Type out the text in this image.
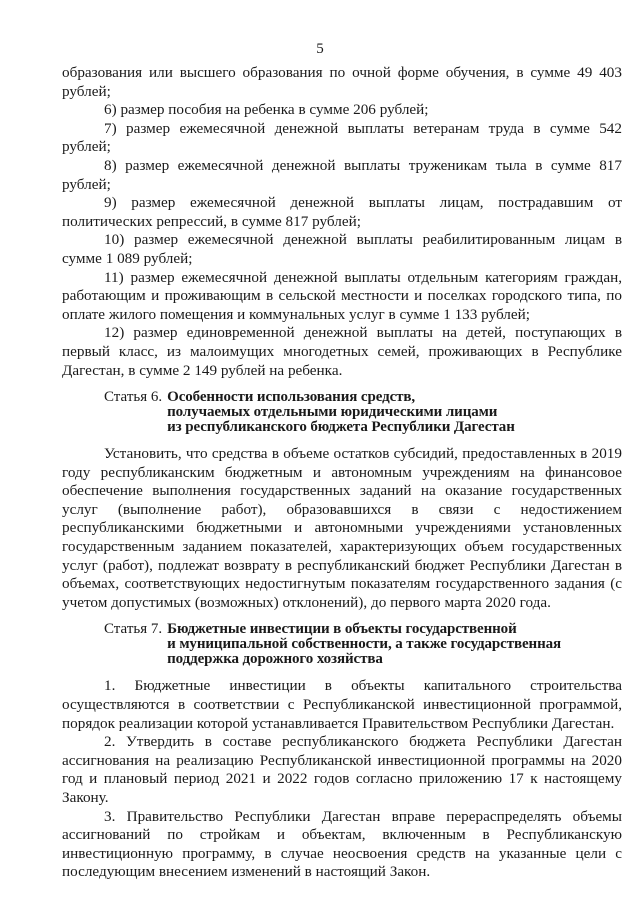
5

образования или высшего образования по очной форме обучения, в сумме 49 403 рублей;

6) размер пособия на ребенка в сумме 206 рублей;

7) размер ежемесячной денежной выплаты ветеранам труда в сумме 542 рублей;

8) размер ежемесячной денежной выплаты труженикам тыла в сумме 817 рублей;

9) размер ежемесячной денежной выплаты лицам, пострадавшим от политических репрессий, в сумме 817 рублей;

10) размер ежемесячной денежной выплаты реабилитированным лицам в сумме 1 089 рублей;

11) размер ежемесячной денежной выплаты отдельным категориям граждан, работающим и проживающим в сельской местности и поселках городского типа, по оплате жилого помещения и коммунальных услуг в сумме 1 133 рублей;

12) размер единовременной денежной выплаты на детей, поступающих в первый класс, из малоимущих многодетных семей, проживающих в Республике Дагестан, в сумме 2 149 рублей на ребенка.

Статья 6. Особенности использования средств,
получаемых отдельными юридическими лицами
из республиканского бюджета Республики Дагестан

Установить, что средства в объеме остатков субсидий, предоставленных в 2019 году республиканским бюджетным и автономным учреждениям на финансовое обеспечение выполнения государственных заданий на оказание государственных услуг (выполнение работ), образовавшихся в связи с недостижением республиканскими бюджетными и автономными учреждениями установленных государственным заданием показателей, характеризующих объем государственных услуг (работ), подлежат возврату в республиканский бюджет Республики Дагестан в объемах, соответствующих недостигнутым показателям государственного задания (с учетом допустимых (возможных) отклонений), до первого марта 2020 года.

Статья 7. Бюджетные инвестиции в объекты государственной
и муниципальной собственности, а также государственная
поддержка дорожного хозяйства

1. Бюджетные инвестиции в объекты капитального строительства осуществляются в соответствии с Республиканской инвестиционной программой, порядок реализации которой устанавливается Правительством Республики Дагестан.

2. Утвердить в составе республиканского бюджета Республики Дагестан ассигнования на реализацию Республиканской инвестиционной программы на 2020 год и плановый период 2021 и 2022 годов согласно приложению 17 к настоящему Закону.

3. Правительство Республики Дагестан вправе перераспределять объемы ассигнований по стройкам и объектам, включенным в Республиканскую инвестиционную программу, в случае неосвоения средств на указанные цели с последующим внесением изменений в настоящий Закон.
